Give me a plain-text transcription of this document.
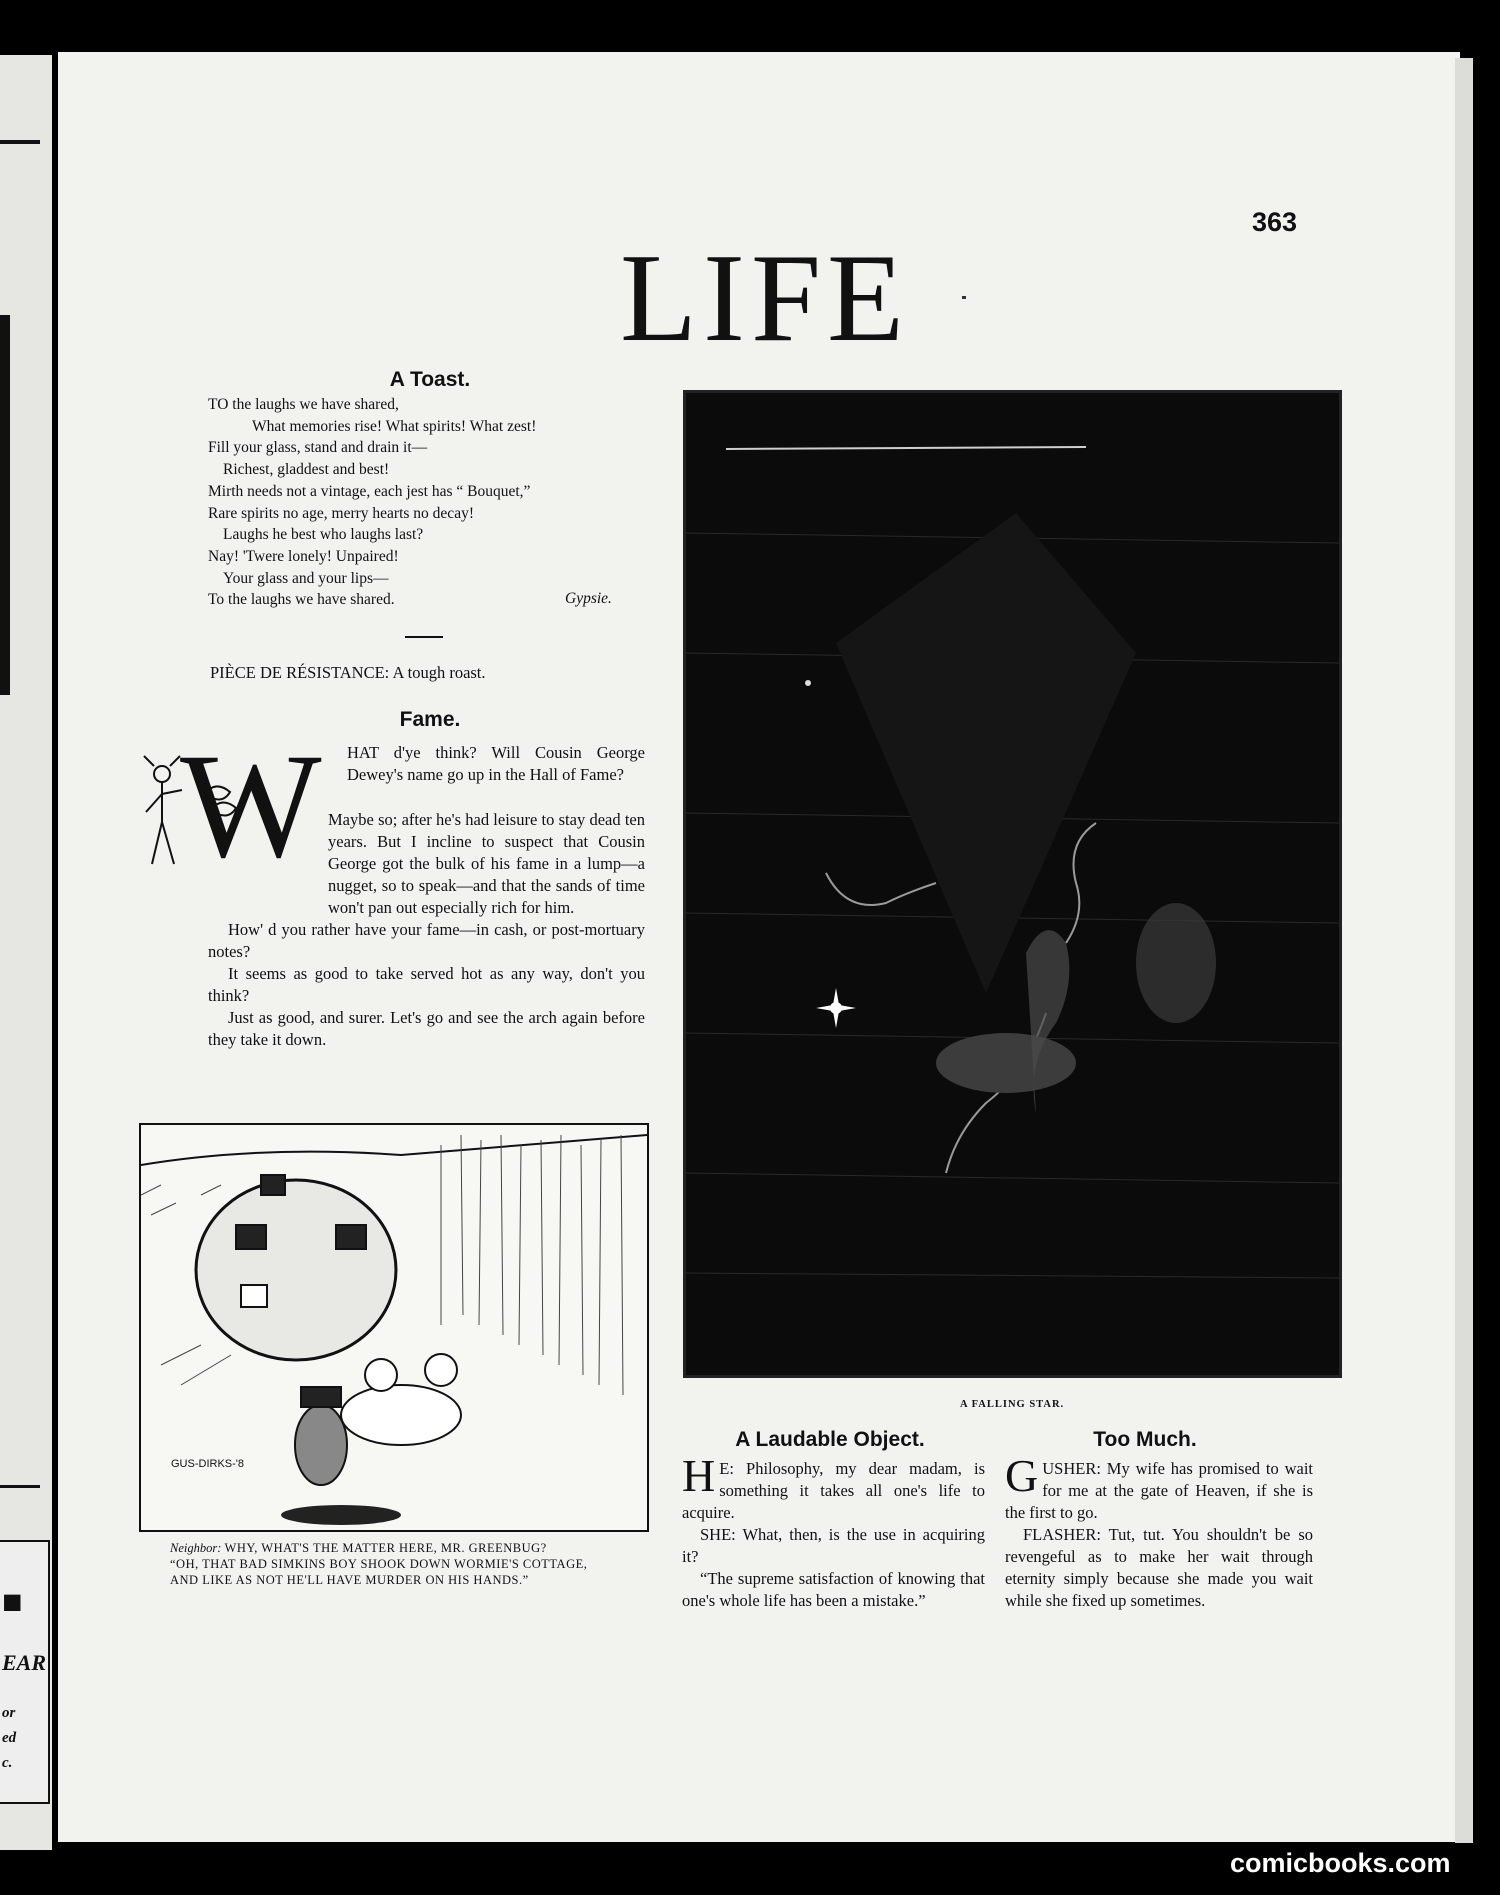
■
EAR
or
ed
c.
363
LIFE
A Toast.
TO the laughs we have shared,
What memories rise! What spirits! What zest!
Fill your glass, stand and drain it—
Richest, gladdest and best!
Mirth needs not a vintage, each jest has “ Bouquet,”
Rare spirits no age, merry hearts no decay!
Laughs he best who laughs last?
Nay! 'Twere lonely! Unpaired!
Your glass and your lips—
To the laughs we have shared.	Gypsie.
PIÈCE DE RÉSISTANCE: A tough roast.
Fame.
W HAT d'ye think? Will Cousin George Dewey's name go up in the Hall of Fame?

Maybe so; after he's had leisure to stay dead ten years. But I incline to suspect that Cousin George got the bulk of his fame in a lump—a nugget, so to speak—and that the sands of time won't pan out especially rich for him.

How' d you rather have your fame—in cash, or post-mortuary notes?

It seems as good to take served hot as any way, don't you think?

Just as good, and surer. Let's go and see the arch again before they take it down.

GUS-DIRKS-'8
Neighbor: WHY, WHAT'S THE MATTER HERE, MR. GREENBUG?
“OH, THAT BAD SIMKINS BOY SHOOK DOWN WORMIE'S COTTAGE,
AND LIKE AS NOT HE'LL HAVE MURDER ON HIS HANDS.”
A FALLING STAR.
A Laudable Object.

H E: Philosophy, my dear madam, is something it takes all one's life to acquire.

SHE: What, then, is the use in acquiring it?

“The supreme satisfaction of knowing that one's whole life has been a mistake.”

Too Much.

GUSHER: My wife has promised to wait for me at the gate of Heaven, if she is the first to go.

FLASHER: Tut, tut. You shouldn't be so revengeful as to make her wait through eternity simply because she made you wait while she fixed up sometimes.

comicbooks.com
